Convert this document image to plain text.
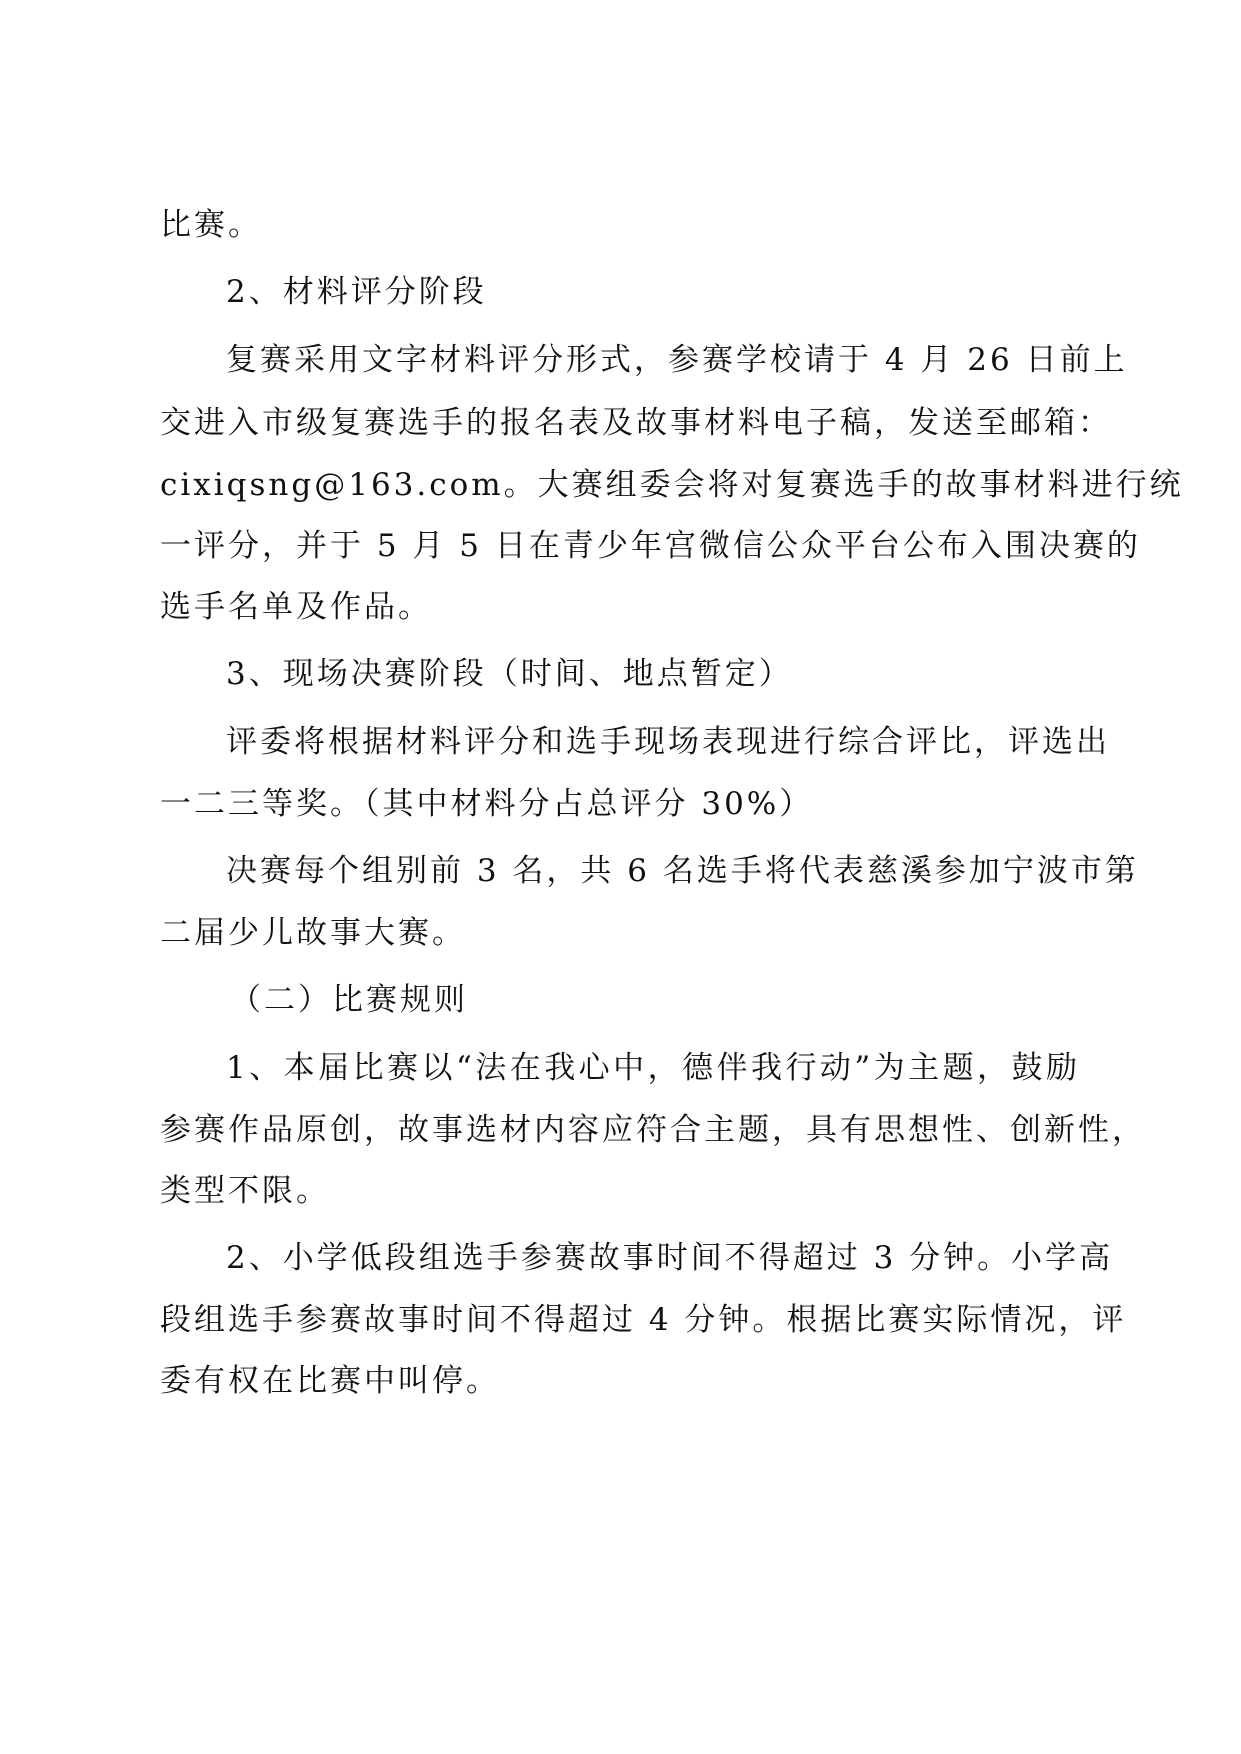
比赛。
2、材料评分阶段
复赛采用文字材料评分形式，参赛学校请于 4 月 26 日前上
交进入市级复赛选手的报名表及故事材料电子稿，发送至邮箱：
cixiqsng@163.com。大赛组委会将对复赛选手的故事材料进行统
一评分，并于 5 月 5 日在青少年宫微信公众平台公布入围决赛的
选手名单及作品。
3、现场决赛阶段（时间、地点暂定）
评委将根据材料评分和选手现场表现进行综合评比，评选出
一二三等奖。（其中材料分占总评分 30%）
决赛每个组别前 3 名，共 6 名选手将代表慈溪参加宁波市第
二届少儿故事大赛。
（二）比赛规则
1、本届比赛以“法在我心中，德伴我行动”为主题，鼓励
参赛作品原创，故事选材内容应符合主题，具有思想性、创新性，
类型不限。
2、小学低段组选手参赛故事时间不得超过 3 分钟。小学高
段组选手参赛故事时间不得超过 4 分钟。根据比赛实际情况，评
委有权在比赛中叫停。
